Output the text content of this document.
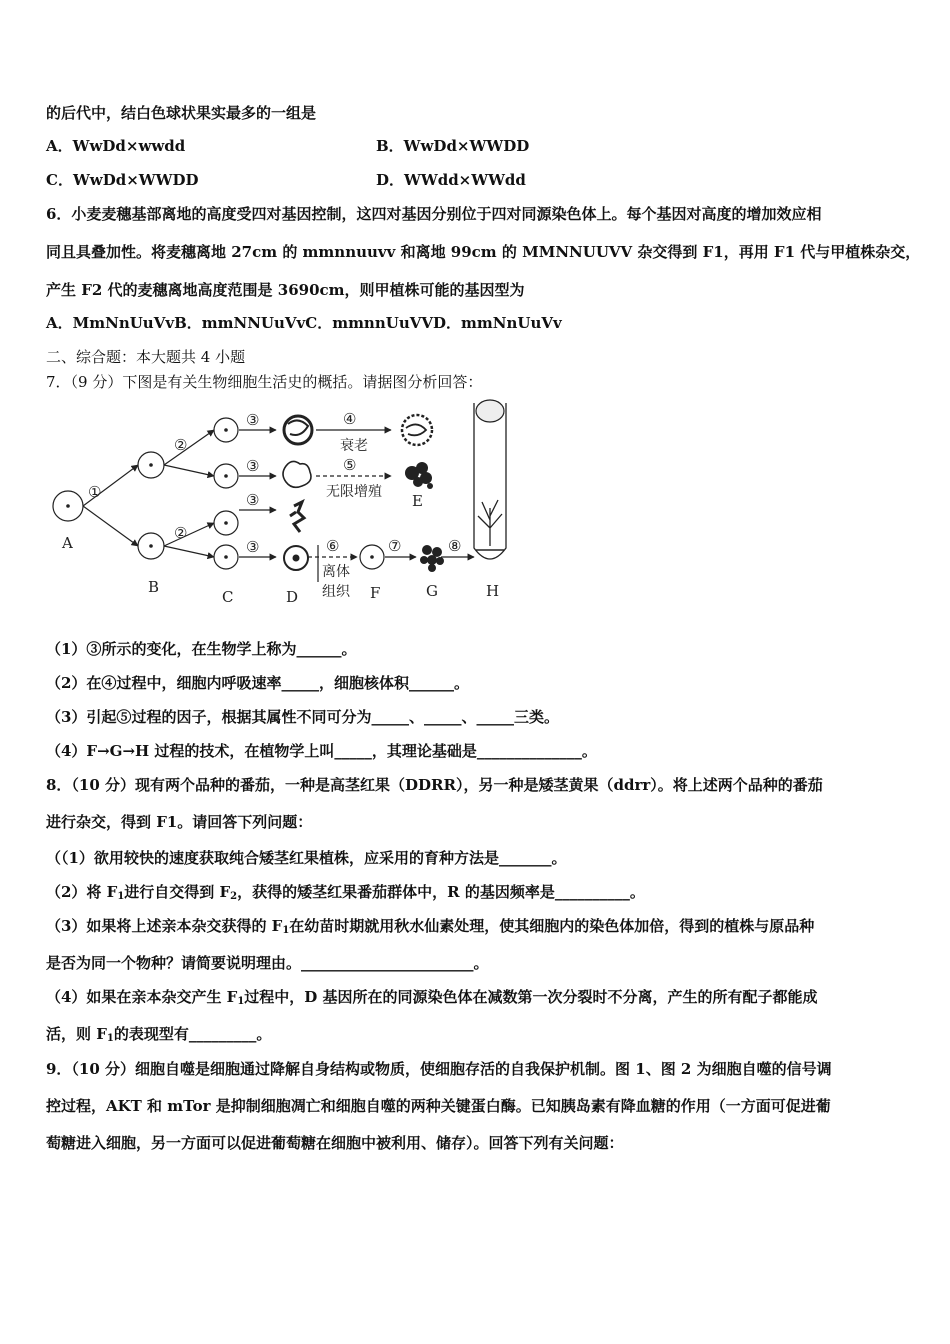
的后代中，结白色球状果实最多的一组是
A．WwDd×wwdd	B．WwDd×WWDD
C．WwDd×WWDD	D．WWdd×WWdd
6．小麦麦穗基部离地的高度受四对基因控制，这四对基因分别位于四对同源染色体上。每个基因对高度的增加效应相
同且具叠加性。将麦穗离地 27cm 的 mmnnuuvv 和离地 99cm 的 MMNNUUVV 杂交得到 F1，再用 F1 代与甲植株杂交，
产生 F2 代的麦穗离地高度范围是 3690cm，则甲植株可能的基因型为
A．MmNnUuVvB．mmNNUuVvC．mmnnUuVVD．mmNnUuVv
二、综合题：本大题共 4 小题
7．（9 分）下图是有关生物细胞生活史的概括。请据图分析回答：
①
②
②
③
③
③
③
④
⑤
⑥	⑦	⑧
衰老
无限增殖
离体
组织
A
B
C	D
E
F	G	H
（1）③所示的变化，在生物学上称为______。
（2）在④过程中，细胞内呼吸速率_____，细胞核体积______。
（3）引起⑤过程的因子，根据其属性不同可分为_____、_____、_____三类。
（4）F→G→H 过程的技术，在植物学上叫_____，其理论基础是______________。
8．（10 分）现有两个品种的番茄，一种是高茎红果（DDRR），另一种是矮茎黄果（ddrr）。将上述两个品种的番茄
进行杂交，得到 F1。请回答下列问题：
（（1）欲用较快的速度获取纯合矮茎红果植株，应采用的育种方法是_______。
（2）将 $F_1$进行自交得到 $F_2$，获得的矮茎红果番茄群体中，R 的基因频率是__________。
（3）如果将上述亲本杂交获得的 $F_1$在幼苗时期就用秋水仙素处理，使其细胞内的染色体加倍，得到的植株与原品种
是否为同一个物种？请简要说明理由。_______________________。
（4）如果在亲本杂交产生 $F_1$过程中，D 基因所在的同源染色体在减数第一次分裂时不分离，产生的所有配子都能成
活，则 $F_1$的表现型有_________。
9．（10 分）细胞自噬是细胞通过降解自身结构或物质，使细胞存活的自我保护机制。图 1、图 2 为细胞自噬的信号调
控过程，AKT 和 mTor 是抑制细胞凋亡和细胞自噬的两种关键蛋白酶。已知胰岛素有降血糖的作用（一方面可促进葡
萄糖进入细胞，另一方面可以促进葡萄糖在细胞中被利用、储存）。回答下列有关问题：
